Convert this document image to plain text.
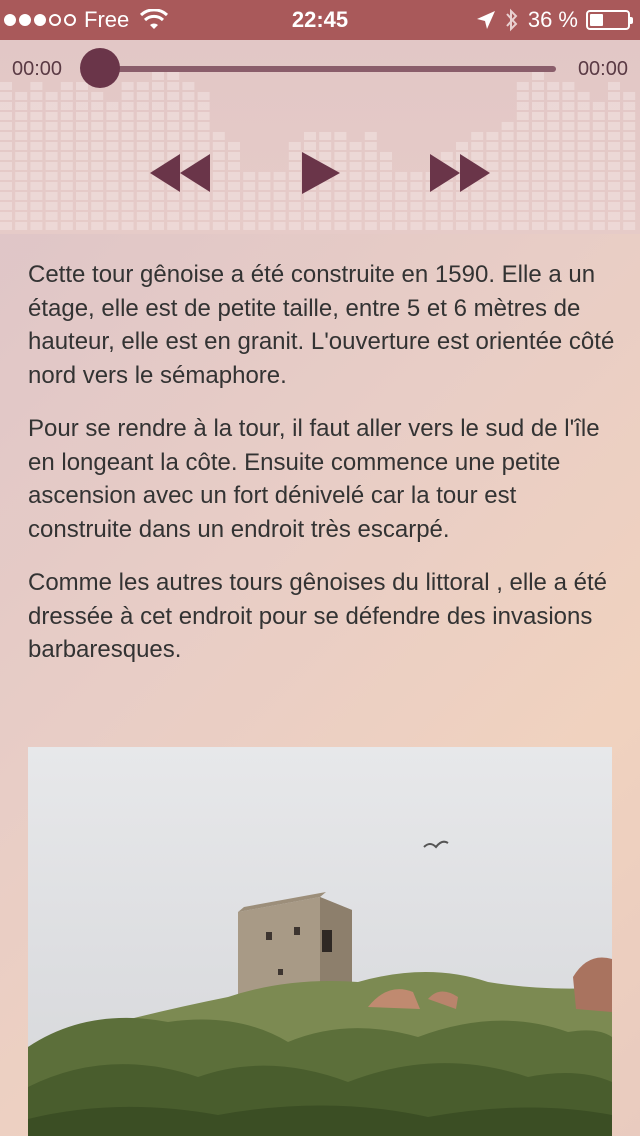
Free	22:45	36 %
00:00	00:00

Cette tour gênoise a été construite en 1590. Elle a un étage, elle est de petite taille, entre 5 et 6 mètres de hauteur, elle est en granit. L'ouverture est orientée côté nord vers le sémaphore.

Pour se rendre à la tour, il faut aller vers le sud de l'île en longeant la côte. Ensuite commence une petite ascension avec un fort dénivelé car la tour est construite dans un endroit très escarpé.

Comme les autres tours gênoises du littoral , elle a été dressée à cet endroit pour se défendre des invasions barbaresques.
